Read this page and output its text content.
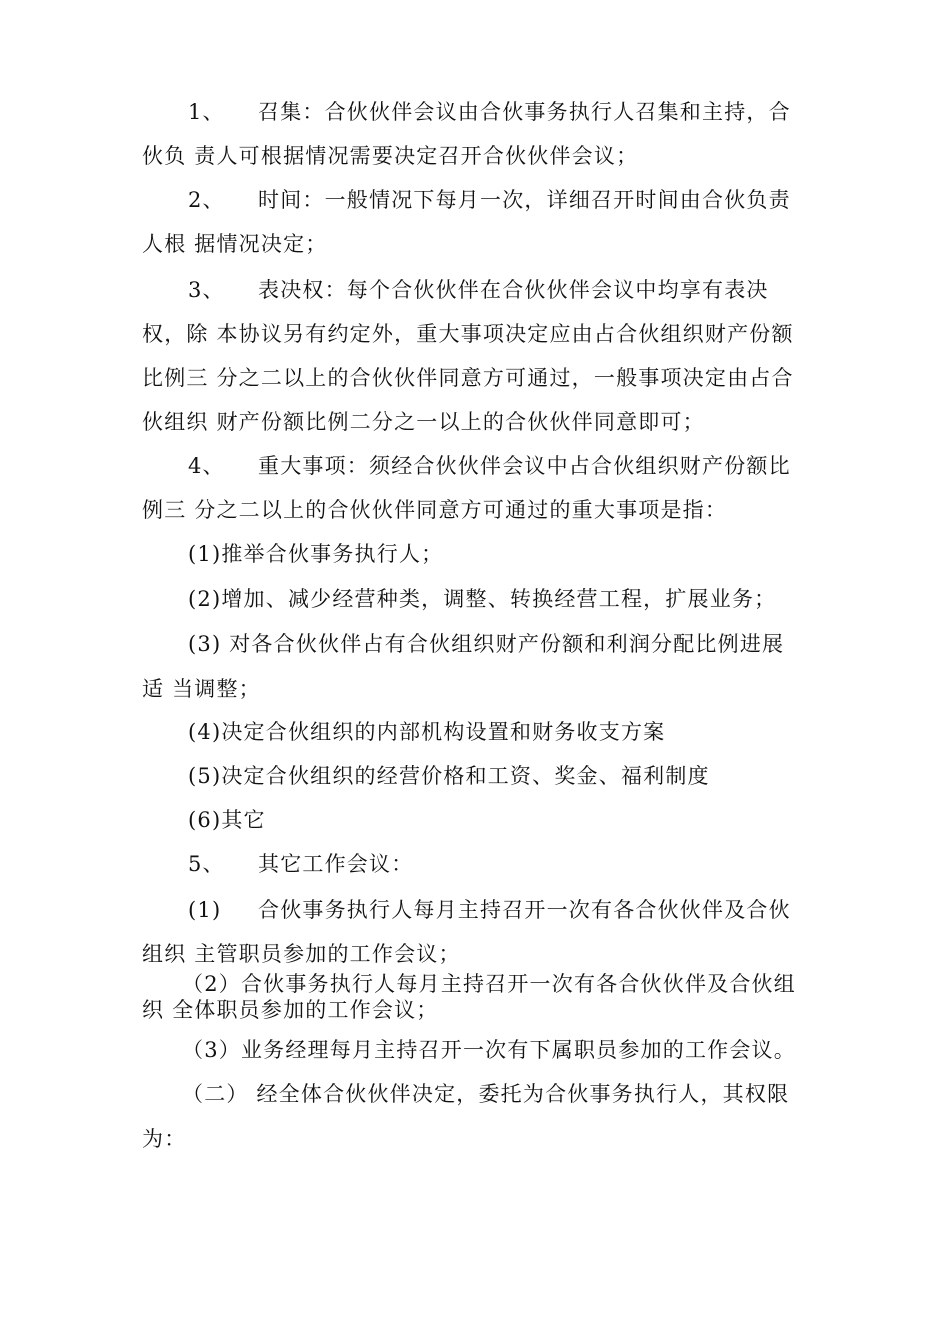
1、 召集：合伙伙伴会议由合伙事务执行人召集和主持，合
伙负 责人可根据情况需要决定召开合伙伙伴会议；
2、 时间：一般情况下每月一次，详细召开时间由合伙负责
人根 据情况决定；
3、 表决权：每个合伙伙伴在合伙伙伴会议中均享有表决
权，除 本协议另有约定外，重大事项决定应由占合伙组织财产份额
比例三 分之二以上的合伙伙伴同意方可通过，一般事项决定由占合
伙组织 财产份额比例二分之一以上的合伙伙伴同意即可；
4、 重大事项：须经合伙伙伴会议中占合伙组织财产份额比
例三 分之二以上的合伙伙伴同意方可通过的重大事项是指：
(1)推举合伙事务执行人；
(2)增加、减少经营种类，调整、转换经营工程，扩展业务；
(3) 对各合伙伙伴占有合伙组织财产份额和利润分配比例进展
适 当调整；
(4)决定合伙组织的内部机构设置和财务收支方案
(5)决定合伙组织的经营价格和工资、奖金、福利制度
(6)其它
5、 其它工作会议：
(1) 合伙事务执行人每月主持召开一次有各合伙伙伴及合伙
组织 主管职员参加的工作会议；
（2）合伙事务执行人每月主持召开一次有各合伙伙伴及合伙组
织 全体职员参加的工作会议；
（3）业务经理每月主持召开一次有下属职员参加的工作会议。
（二） 经全体合伙伙伴决定，委托为合伙事务执行人，其权限
为：
